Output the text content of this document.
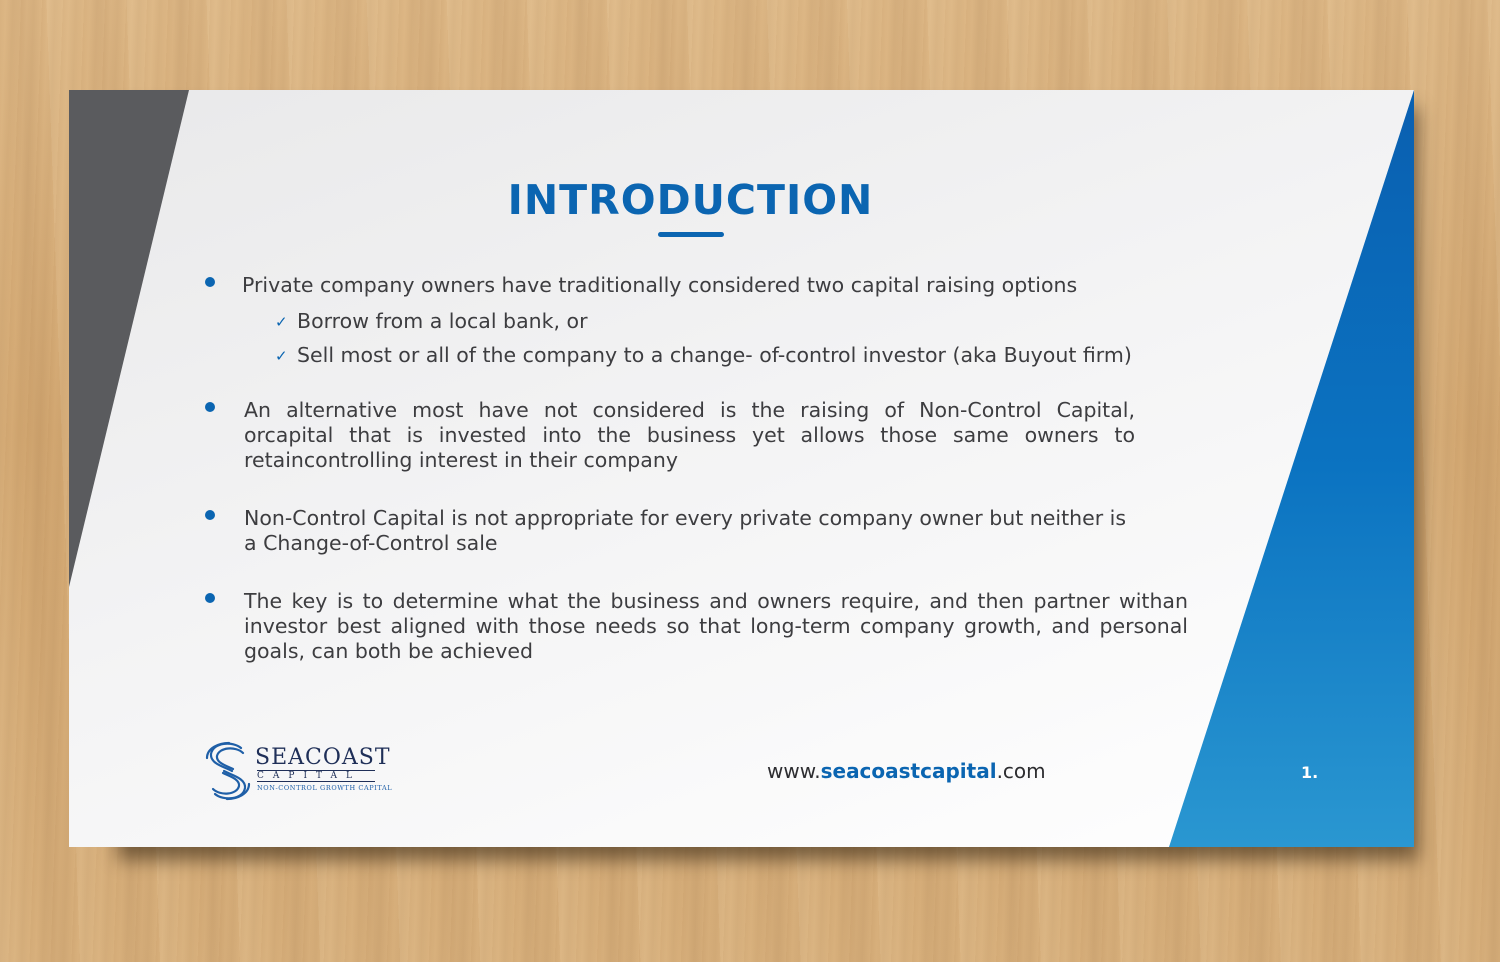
INTRODUCTION

Private company owners have traditionally considered two capital raising options

✓ Borrow from a local bank, or

✓ Sell most or all of the company to a change- of-control investor (aka Buyout firm)

An alternative most have not considered is the raising of Non-Control Capital, orcapital that is invested into the business yet allows those same owners to retaincontrolling interest in their company

Non-Control Capital is not appropriate for every private company owner but neither is a Change-of-Control sale

The key is to determine what the business and owners require, and then partner withan investor best aligned with those needs so that long-term company growth, and personal goals, can both be achieved

SEACOAST
CAPITAL
NON-CONTROL GROWTH CAPITAL
www.seacoastcapital.com	1.
